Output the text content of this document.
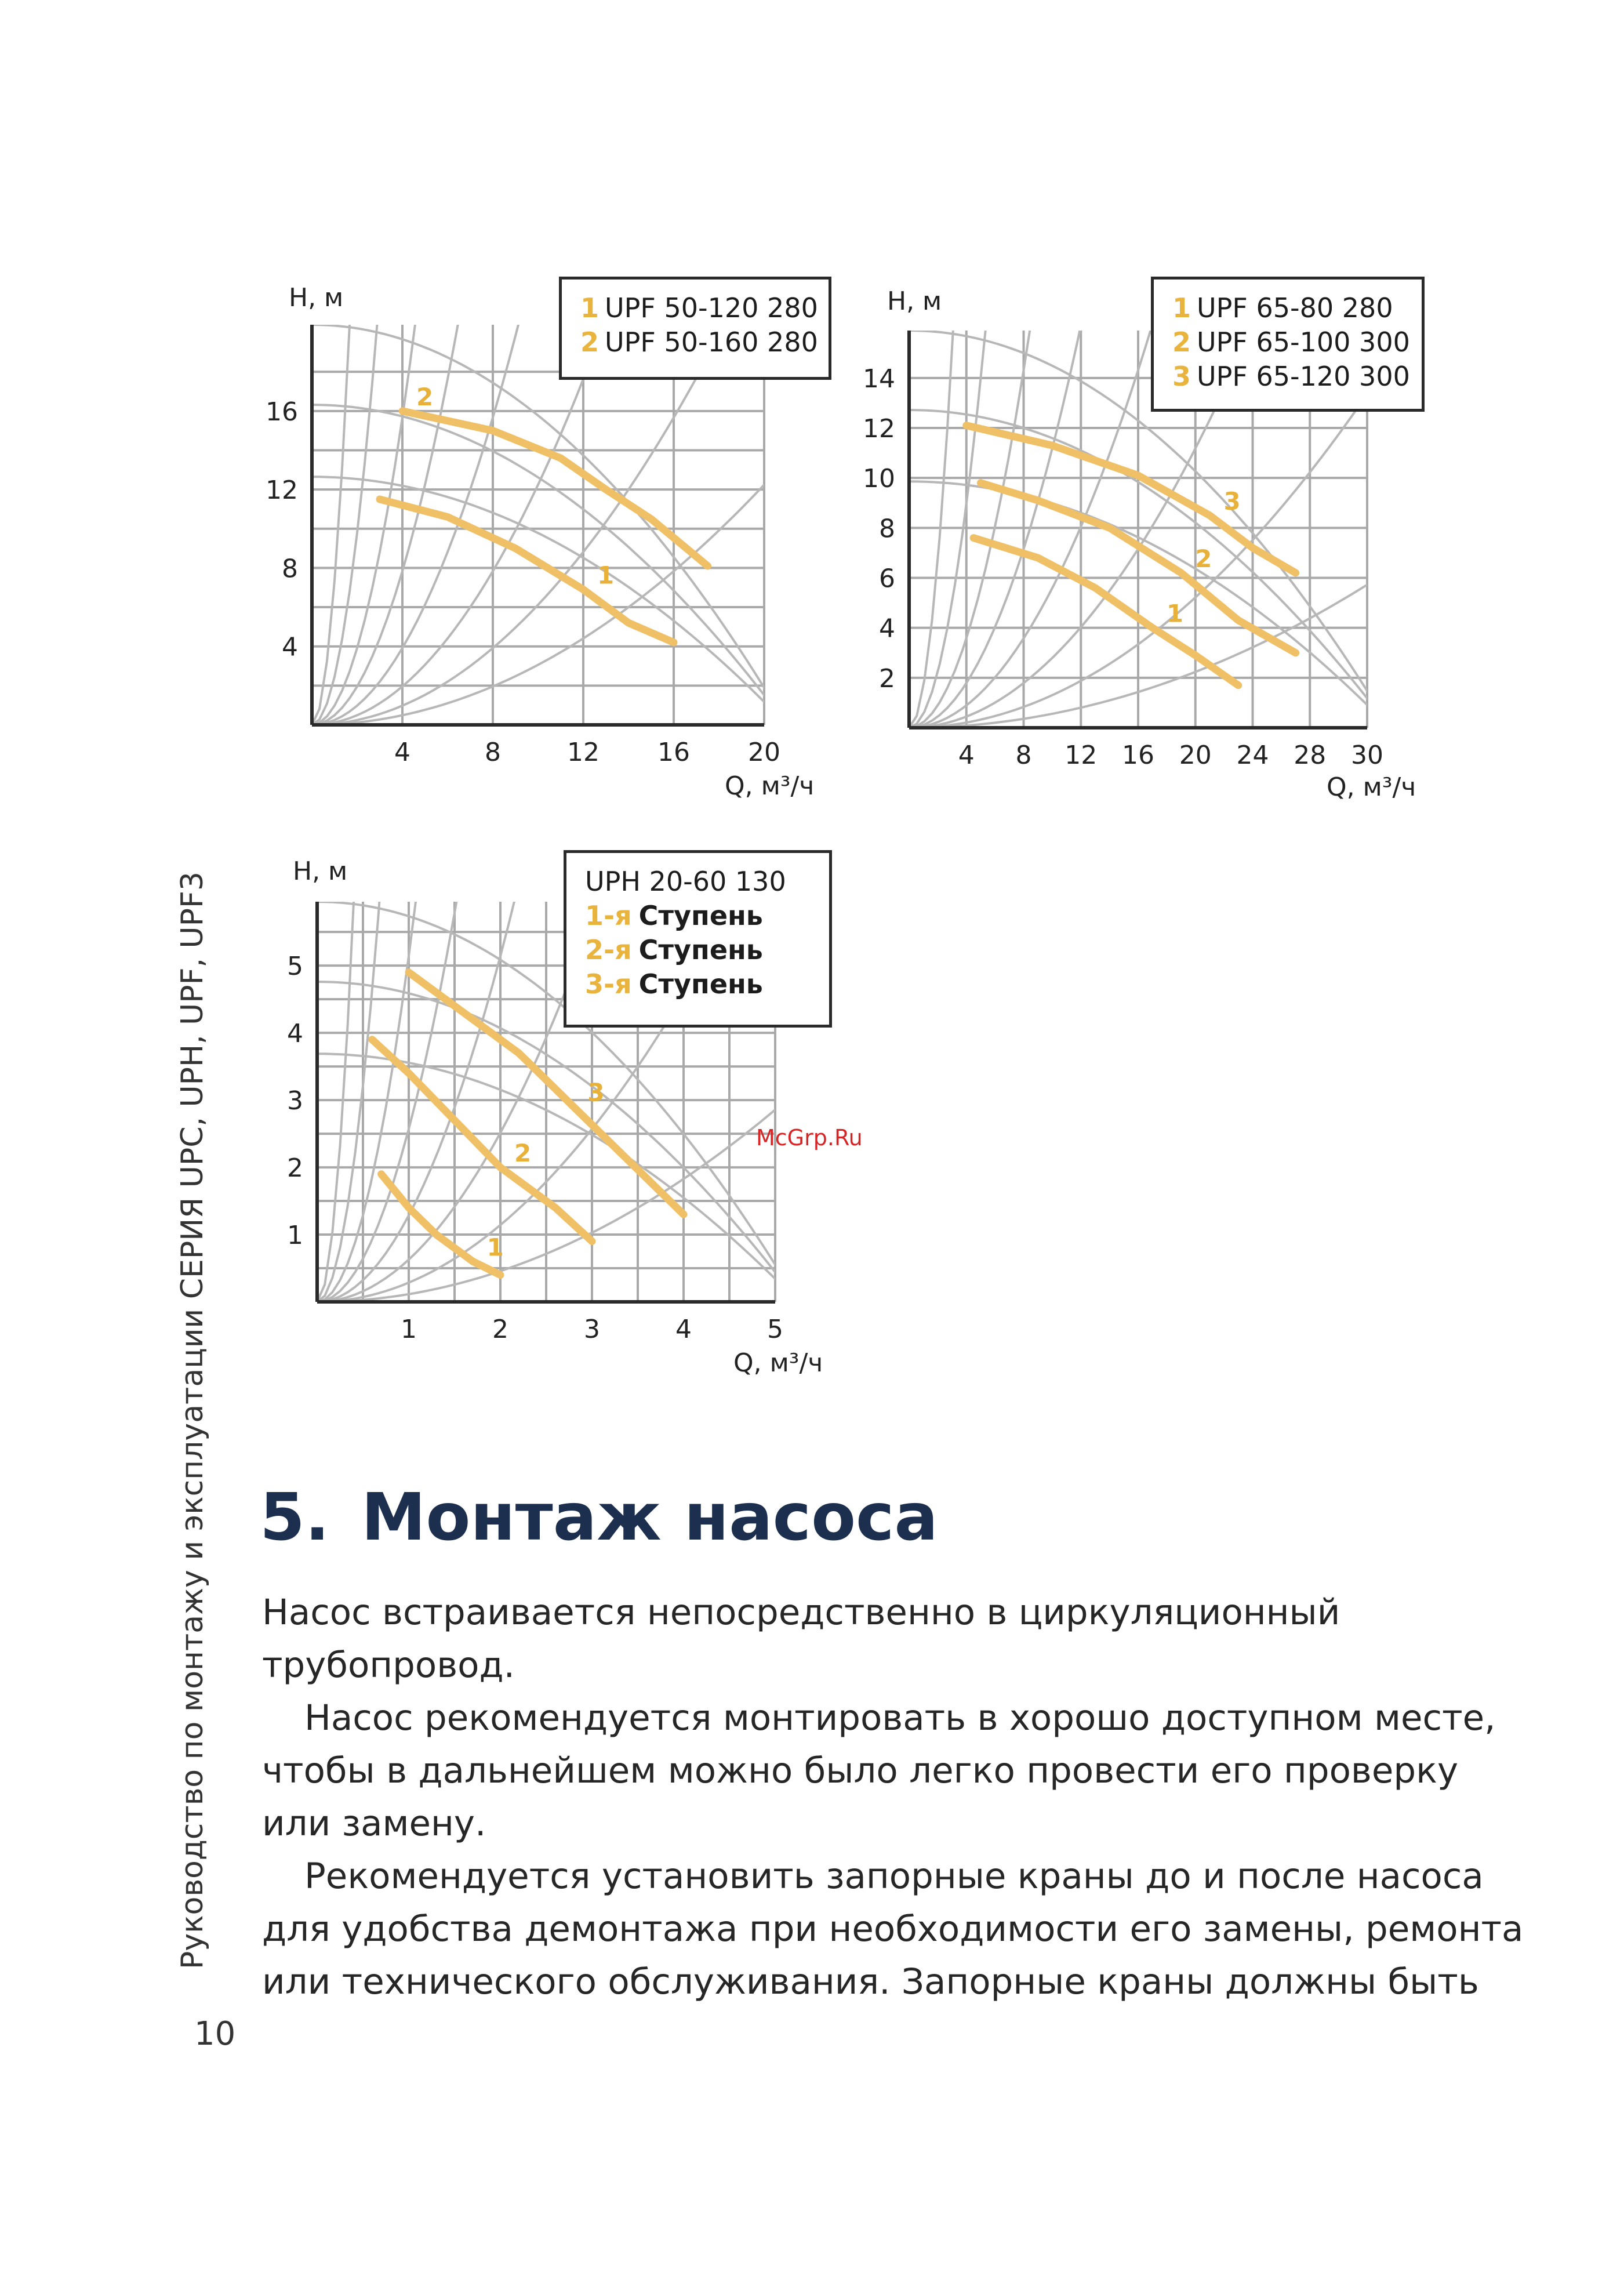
H, м
4	8	12 16 20
4
8
12
16
1
2
Q, м³/ч
1 UPF 50-120 280
2 UPF 50-160 280
H, м
4 8 12 16 20 24 28 30
2
4
6
8
10
12
14
1
2
3
Q, м³/ч
1 UPF 65-80 280
2 UPF 65-100 300
3 UPF 65-120 300
H, м
1	2	3	4	5
1
2
3
4
5
1
2
3
Q, м³/ч
UPH 20-60 130
1-я Ступень
2-я Ступень
3-я Ступень
McGrp.Ru
Руководство по монтажу и эксплуатации СЕРИЯ UPC, UPH, UPF, UPF3
10
5. Монтаж насоса

Насос встраивается непосредственно в циркуляционный

трубопровод.

Насос рекомендуется монтировать в хорошо доступном месте,

чтобы в дальнейшем можно было легко провести его проверку

или замену.

Рекомендуется установить запорные краны до и после насоса

для удобства демонтажа при необходимости его замены, ремонта

или технического обслуживания. Запорные краны должны быть
